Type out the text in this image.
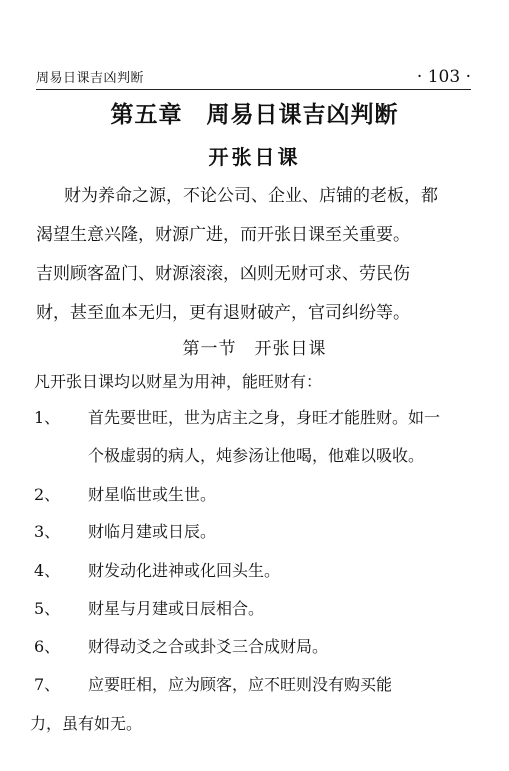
周易日课吉凶判断	· 103 ·
第五章　周易日课吉凶判断
开张日课
财为养命之源，不论公司、企业、店铺的老板，都
渴望生意兴隆，财源广进，而开张日课至关重要。
吉则顾客盈门、财源滚滚，凶则无财可求、劳民伤
财，甚至血本无归，更有退财破产，官司纠纷等。
第一节　开张日课
凡开张日课均以财星为用神，能旺财有：
1、 首先要世旺，世为店主之身，身旺才能胜财。如一
个极虚弱的病人，炖参汤让他喝，他难以吸收。
2、 财星临世或生世。
3、 财临月建或日辰。
4、 财发动化进神或化回头生。
5、 财星与月建或日辰相合。
6、 财得动爻之合或卦爻三合成财局。
7、 应要旺相，应为顾客，应不旺则没有购买能
力，虽有如无。
